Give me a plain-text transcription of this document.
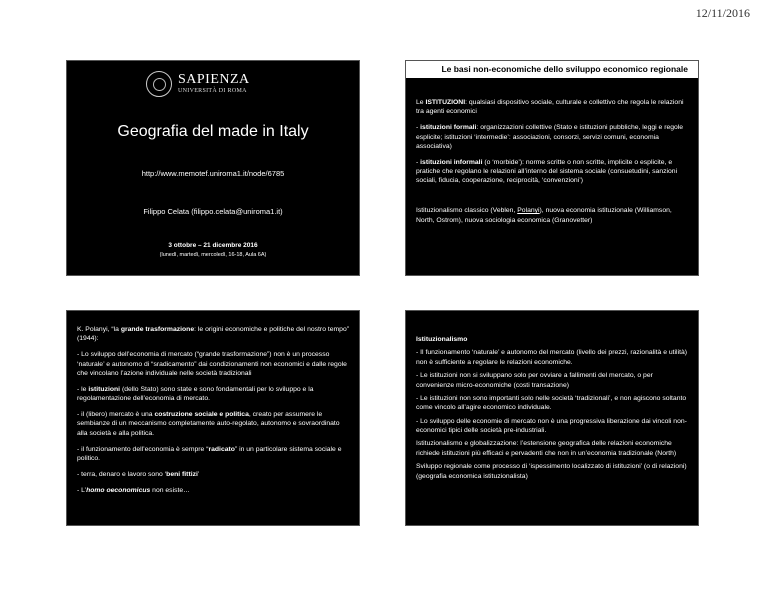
12/11/2016
SAPIENZA
UNIVERSITÀ DI ROMA
Geografia del made in Italy
http://www.memotef.uniroma1.it/node/6785
Filippo Celata (filippo.celata@uniroma1.it)
3 ottobre – 21 dicembre 2016
(lunedì, martedì, mercoledì, 16-18, Aula 6A)
Le basi non-economiche dello sviluppo economico regionale

Le ISTITUZIONI: qualsiasi dispositivo sociale, culturale e collettivo che regola le relazioni tra agenti economici

- istituzioni formali: organizzazioni collettive (Stato e istituzioni pubbliche, leggi e regole esplicite; istituzioni ‘intermedie’: associazioni, consorzi, servizi comuni, economia associativa)

- istituzioni informali (o ‘morbide’): norme scritte o non scritte, implicite o esplicite, e pratiche che regolano le relazioni all’interno del sistema sociale (consuetudini, sanzioni sociali, fiducia, cooperazione, reciprocità, ‘convenzioni’)

Istituzionalismo classico (Veblen, Polanyi), nuova economia istituzionale (Williamson, North, Ostrom), nuova sociologia economica (Granovetter)

K. Polanyi, “la grande trasformazione: le origini economiche e politiche del nostro tempo” (1944):

- Lo sviluppo dell’economia di mercato (“grande trasformazione”) non è un processo ‘naturale’ e autonomo di “sradicamento” dai condizionamenti non economici e dalle regole che vincolano l’azione individuale nelle società tradizionali

- le istituzioni (dello Stato) sono state e sono fondamentali per lo sviluppo e la regolamentazione dell’economia di mercato.

- il (libero) mercato è una costruzione sociale e politica, creato per assumere le sembianze di un meccanismo completamente auto-regolato, autonomo e sovraordinato alla società e alla politica.

- il funzionamento dell’economia è sempre “radicato” in un particolare sistema sociale e politico.

- terra, denaro e lavoro sono ‘beni fittizi’

- L’homo oeconomicus non esiste…

Istituzionalismo

- Il funzionamento ‘naturale’ e autonomo del mercato (livello dei prezzi, razionalità e utilità) non è sufficiente a regolare le relazioni economiche.

- Le istituzioni non si sviluppano solo per ovviare a fallimenti del mercato, o per convenienze micro-economiche (costi transazione)

- Le istituzioni non sono importanti solo nelle società ‘tradizionali’, e non agiscono soltanto come vincolo all’agire economico individuale.

- Lo sviluppo delle economie di mercato non è una progressiva liberazione dai vincoli non-economici tipici delle società pre-industriali.

Istituzionalismo e globalizzazione: l’estensione geografica delle relazioni economiche richiede istituzioni più efficaci e pervadenti che non in un’economia tradizionale (North)

Sviluppo regionale come processo di ‘ispessimento localizzato di istituzioni’ (o di relazioni) (geografia economica istituzionalista)
